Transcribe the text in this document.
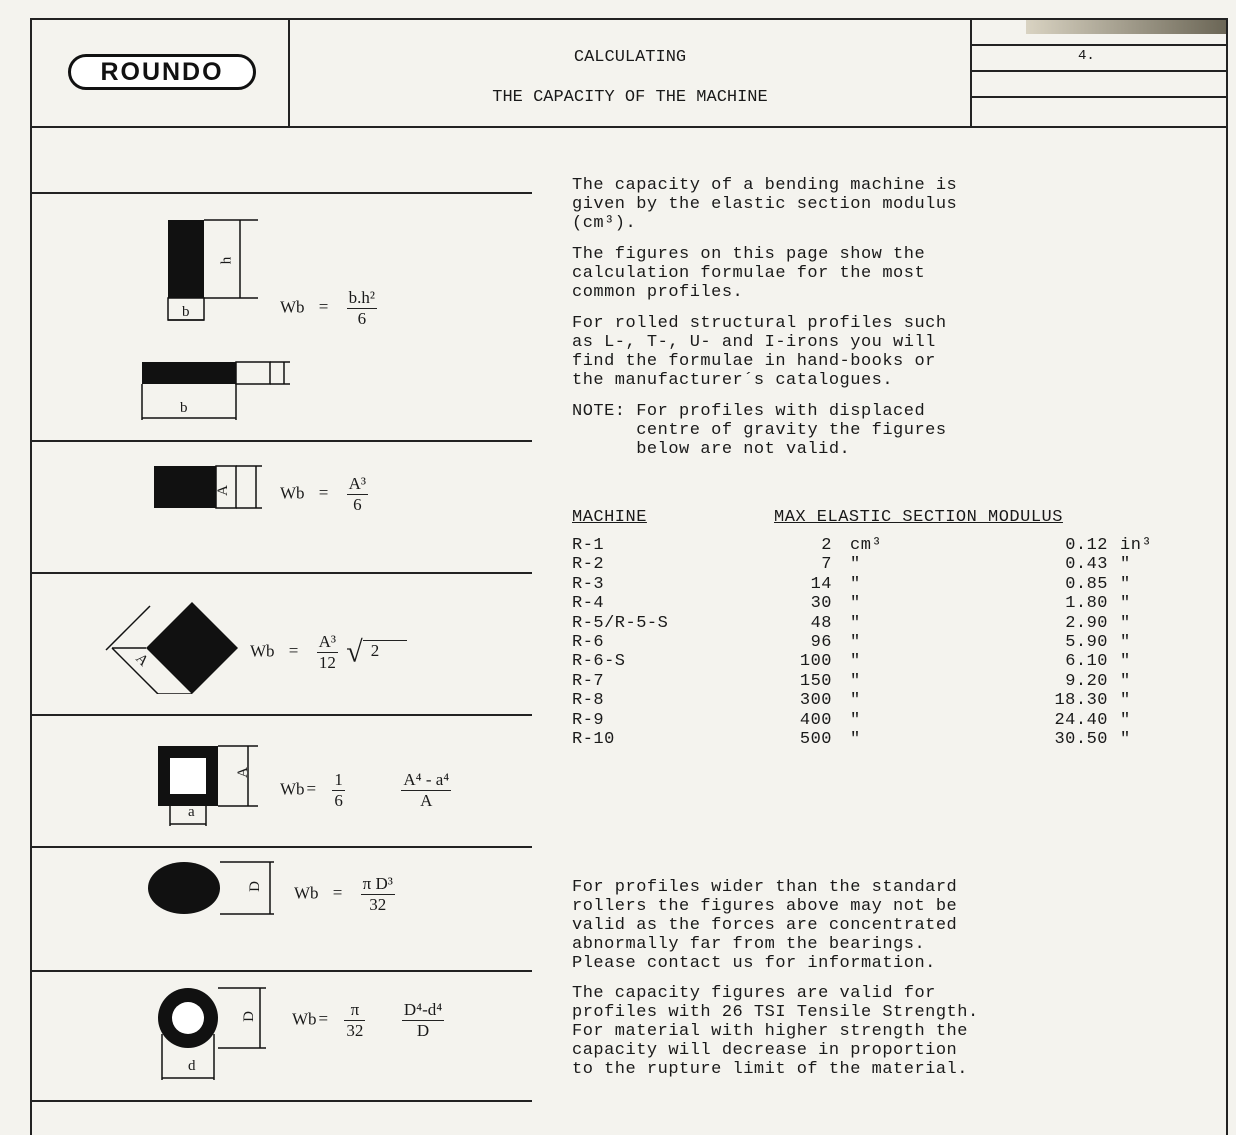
ROUNDO	CALCULATING
THE CAPACITY OF THE MACHINE
4.
h
b	$Wb = \frac{\text{b.h²}}{6}$
b
A	$Wb = \frac{\text{A³}}{6}$
A	$Wb = \frac{\text{A³}}{12}$ √ 2
A
a
$Wb = \frac{1}{6}$
	$\frac{\text{A⁴ - a⁴}}{A}$
D $Wb = \frac{\text{π D³}}{32}$
D
d
$Wb = \frac{\pi}{32}$
$\frac{\text{D⁴-d⁴}}{D}$
The capacity of a bending machine is
given by the elastic section modulus
(cm³).
The figures on this page show the
calculation formulae for the most
common profiles.
For rolled structural profiles such
as L-, T-, U- and I-irons you will
find the formulae in hand-books or
the manufacturer´s catalogues.
NOTE: For profiles with displaced
centre of gravity the figures
below are not valid.
MACHINE	MAX ELASTIC SECTION MODULUS
R-1	2 cm³	0.12 in³
R-2	7 "	0.43 "
R-3	14 "	0.85 "
R-4	30 "	1.80 "
R-5/R-5-S	48 "	2.90 "
R-6	96 "	5.90 "
R-6-S	100 "	6.10 "
R-7	150 "	9.20 "
R-8	300 "	18.30 "
R-9	400 "	24.40 "
R-10	500 "	30.50 "
For profiles wider than the standard
rollers the figures above may not be
valid as the forces are concentrated
abnormally far from the bearings.
Please contact us for information.
The capacity figures are valid for
profiles with 26 TSI Tensile Strength.
For material with higher strength the
capacity will decrease in proportion
to the rupture limit of the material.
